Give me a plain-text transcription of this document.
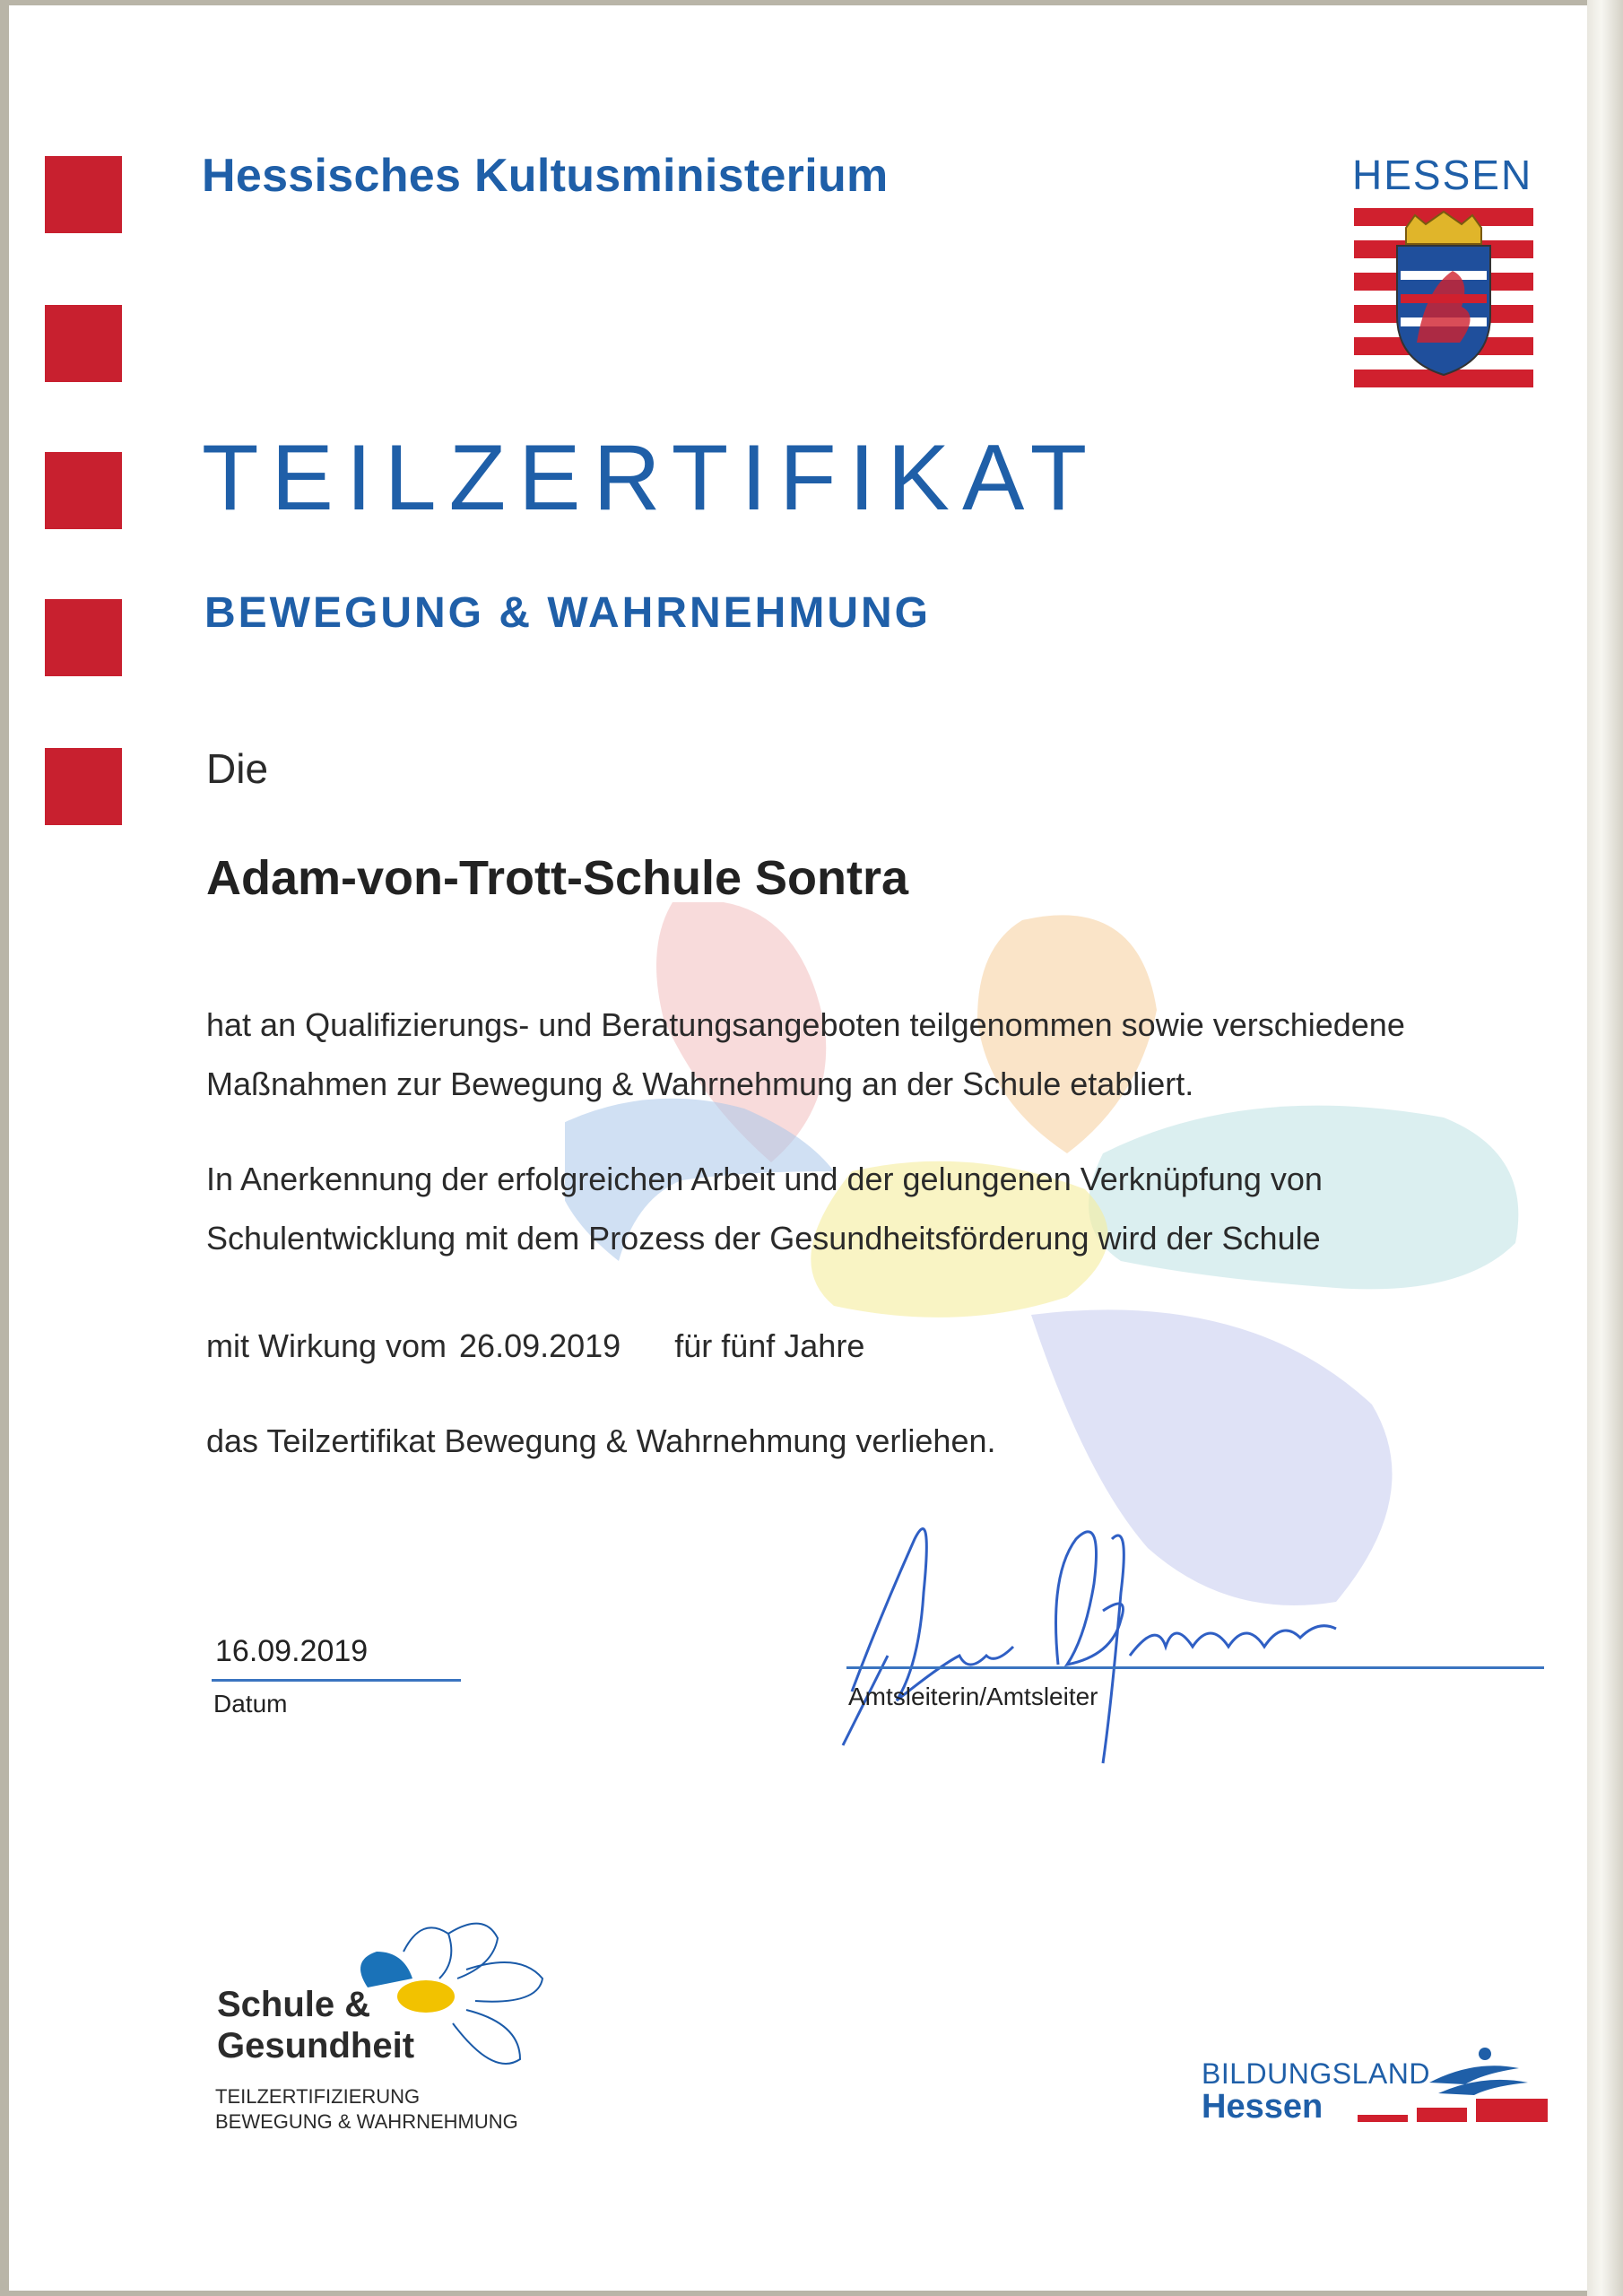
Hessisches Kultusministerium	HESSEN
TEILZERTIFIKAT
BEWEGUNG & WAHRNEHMUNG
Die
Adam-von-Trott-Schule Sontra
hat an Qualifizierungs- und Beratungsangeboten teilgenommen sowie verschiedene
Maßnahmen zur Bewegung & Wahrnehmung an der Schule etabliert.
In Anerkennung der erfolgreichen Arbeit und der gelungenen Verknüpfung von
Schulentwicklung mit dem Prozess der Gesundheitsförderung wird der Schule
mit Wirkung vom 26.09.2019 für fünf Jahre
das Teilzertifikat Bewegung & Wahrnehmung verliehen.
16.09.2019
Datum	Amtsleiterin/Amtsleiter
Schule &
Gesundheit
TEILZERTIFIZIERUNG
BEWEGUNG & WAHRNEHMUNG
BILDUNGSLAND
Hessen
